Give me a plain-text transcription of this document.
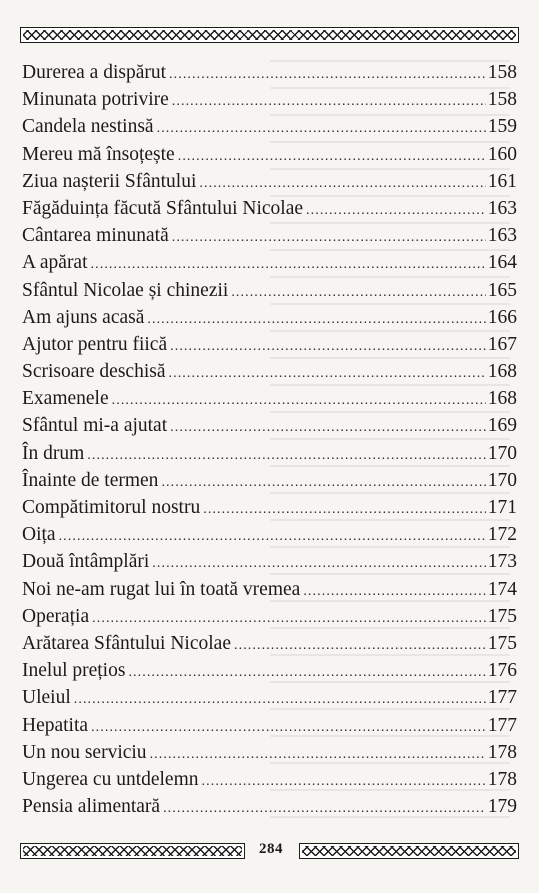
Durerea a dispărut .....	158
Minunata potrivire .....	158
Candela nestinsă .....	159
Mereu mă însoțește .....	160
Ziua nașterii Sfântului .....	161
Făgăduința făcută Sfântului Nicolae .....	163
Cântarea minunată .....	163
A apărat .....	164
Sfântul Nicolae și chinezii .....	165
Am ajuns acasă .....	166
Ajutor pentru fiică .....	167
Scrisoare deschisă .....	168
Examenele .....	168
Sfântul mi-a ajutat .....	169
În drum .....	170
Înainte de termen .....	170
Compătimitorul nostru .....	171
Oița .....	172
Două întâmplări .....	173
Noi ne-am rugat lui în toată vremea .....	174
Operația .....	175
Arătarea Sfântului Nicolae .....	175
Inelul prețios .....	176
Uleiul .....	177
Hepatita .....	177
Un nou serviciu .....	178
Ungerea cu untdelemn .....	178
Pensia alimentară .....	179
284
